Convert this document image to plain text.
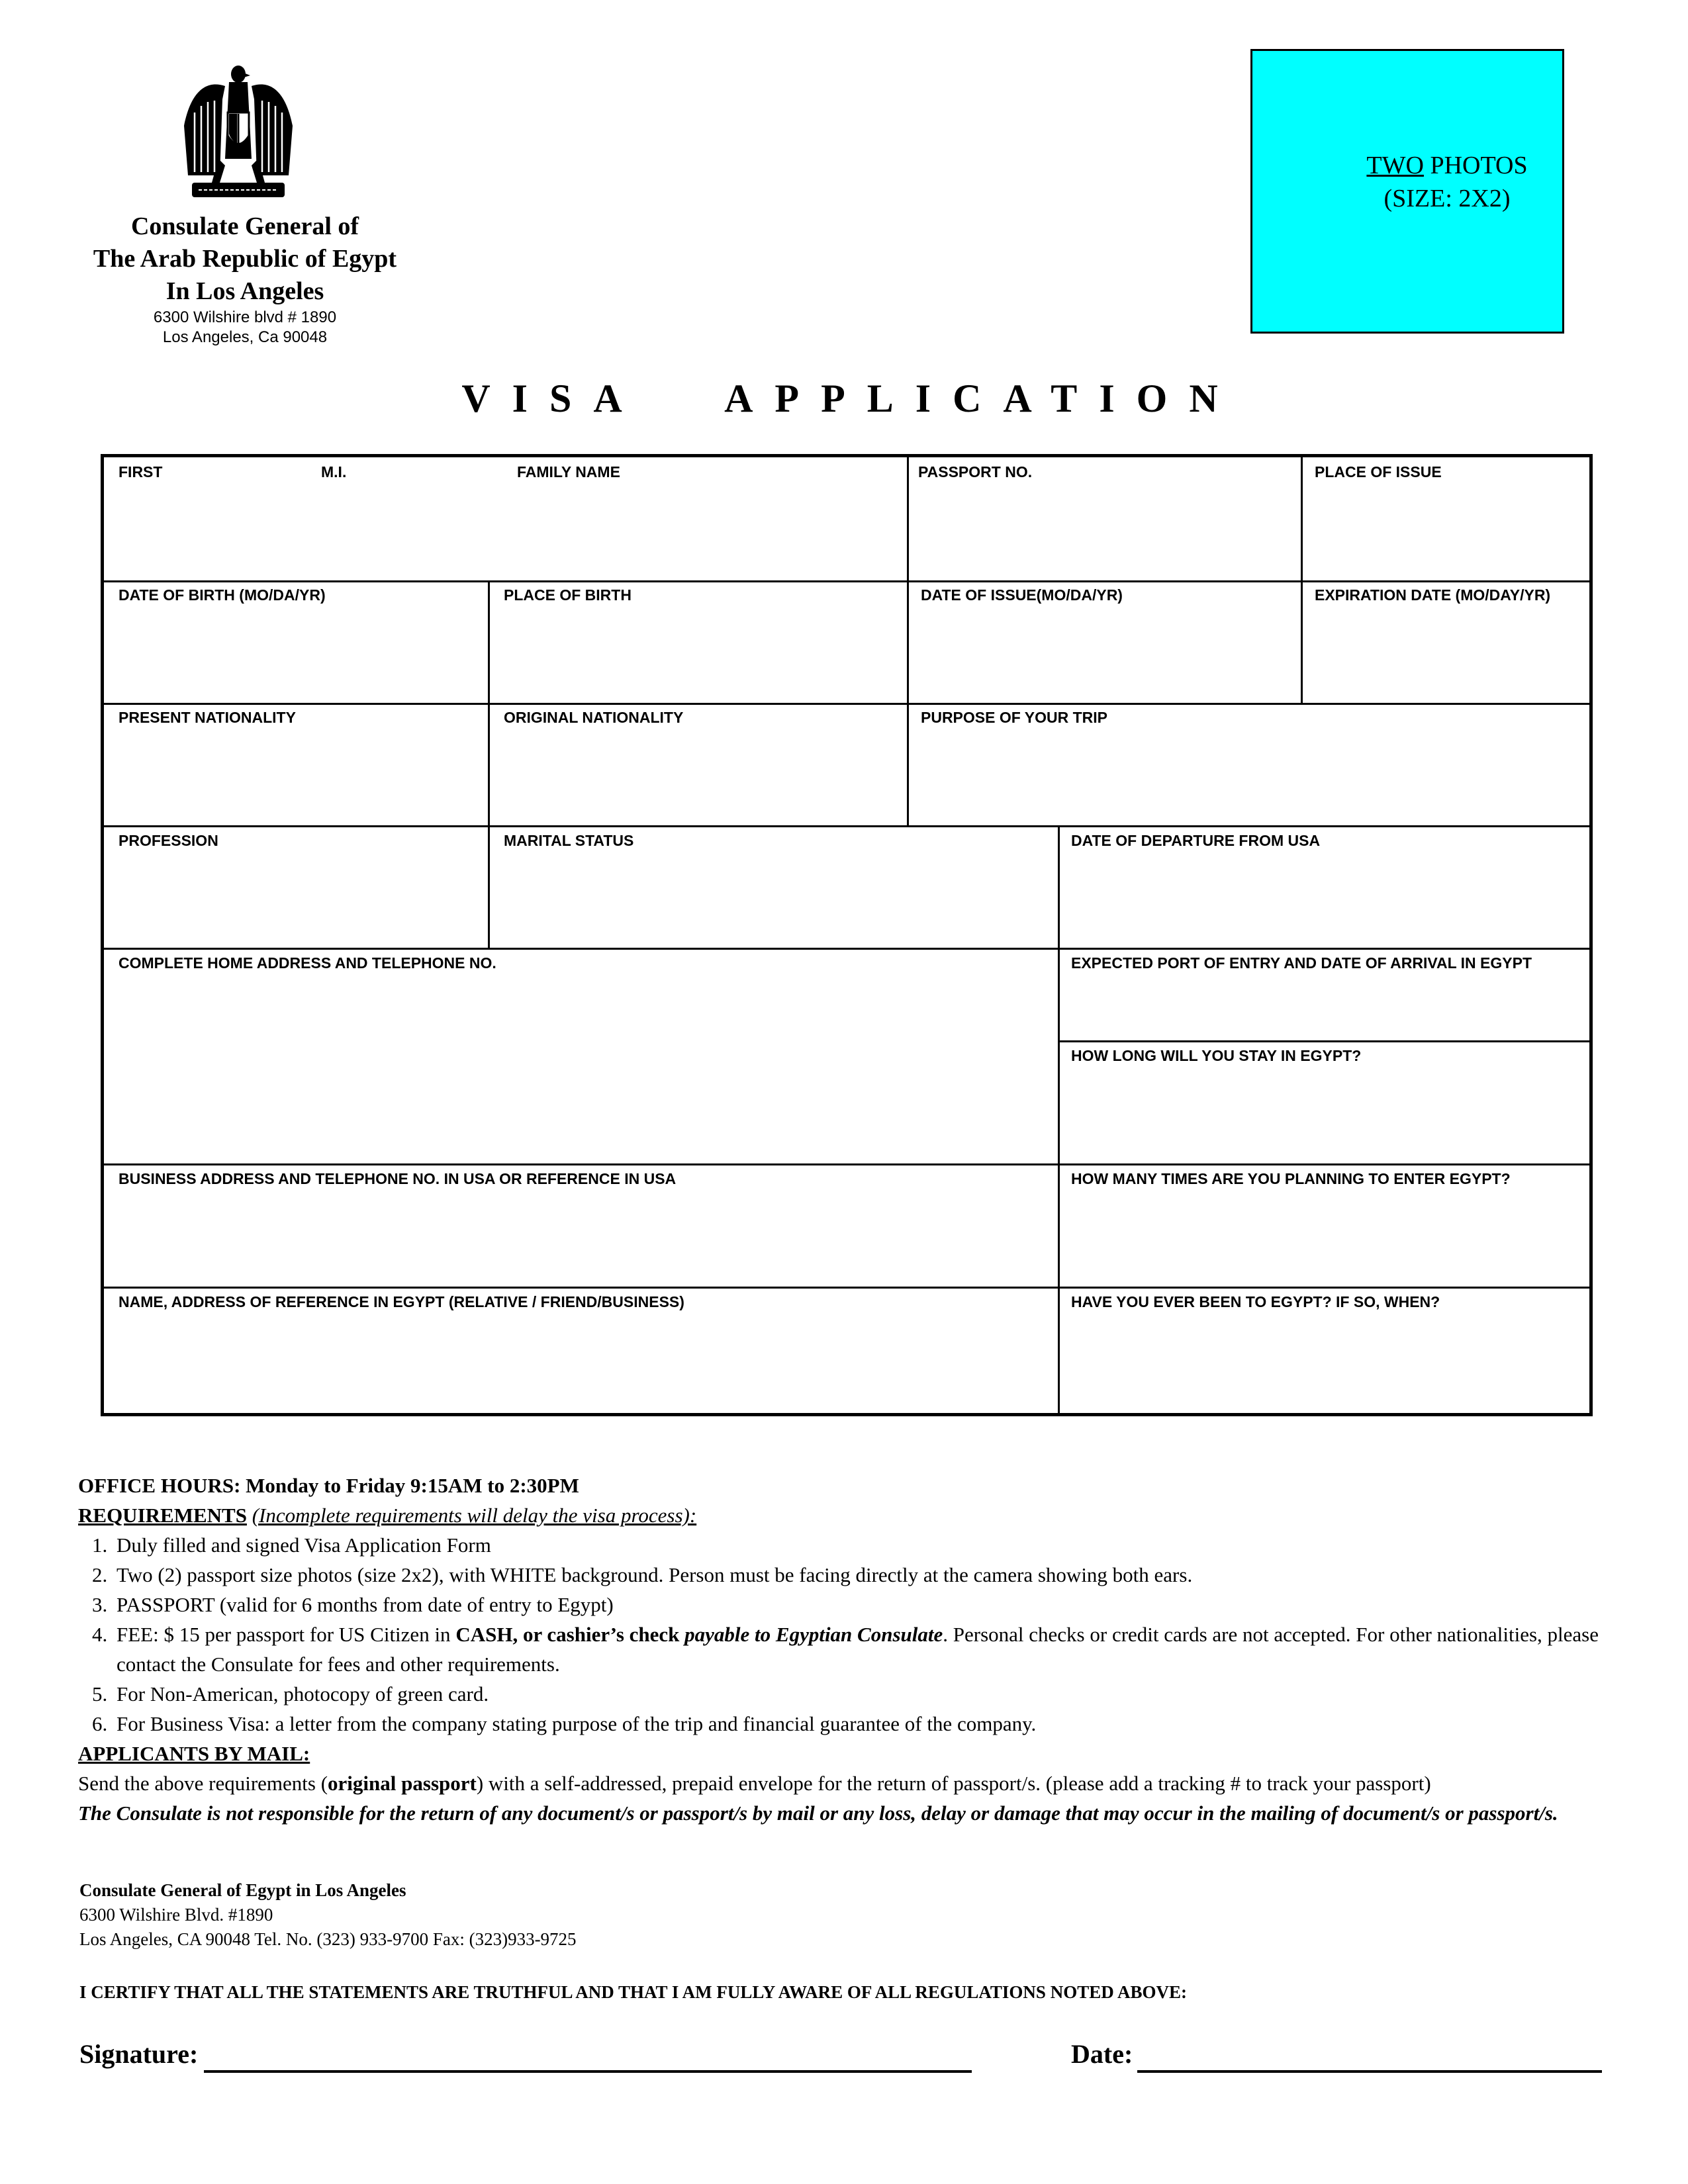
Consulate General of
The Arab Republic of Egypt
In Los Angeles
6300 Wilshire blvd # 1890
Los Angeles, Ca 90048
TWO PHOTOS
(SIZE: 2X2)
VISA APPLICATION
FIRST	M.I.	FAMILY NAME	PASSPORT NO.	PLACE OF ISSUE
DATE OF BIRTH (MO/DA/YR)	PLACE OF BIRTH	DATE OF ISSUE(MO/DA/YR)	EXPIRATION DATE (MO/DAY/YR)
PRESENT NATIONALITY	ORIGINAL NATIONALITY	PURPOSE OF YOUR TRIP
PROFESSION	MARITAL STATUS	DATE OF DEPARTURE FROM USA
COMPLETE HOME ADDRESS AND TELEPHONE NO.	EXPECTED PORT OF ENTRY AND DATE OF ARRIVAL IN EGYPT
HOW LONG WILL YOU STAY IN EGYPT?
BUSINESS ADDRESS AND TELEPHONE NO. IN USA OR REFERENCE IN USA	HOW MANY TIMES ARE YOU PLANNING TO ENTER EGYPT?
NAME, ADDRESS OF REFERENCE IN EGYPT (RELATIVE / FRIEND/BUSINESS)	HAVE YOU EVER BEEN TO EGYPT? IF SO, WHEN?
OFFICE HOURS: Monday to Friday 9:15AM to 2:30PM
REQUIREMENTS (Incomplete requirements will delay the visa process):
1. Duly filled and signed Visa Application Form
2. Two (2) passport size photos (size 2x2), with WHITE background. Person must be facing directly at the camera showing both ears.
3. PASSPORT (valid for 6 months from date of entry to Egypt)
4. FEE: $ 15 per passport for US Citizen in CASH, or cashier’s check payable to Egyptian Consulate. Personal checks or credit cards are not accepted. For other nationalities, please contact the Consulate for fees and other requirements.
5. For Non-American, photocopy of green card.
6. For Business Visa: a letter from the company stating purpose of the trip and financial guarantee of the company.
APPLICANTS BY MAIL:
Send the above requirements (original passport) with a self-addressed, prepaid envelope for the return of passport/s. (please add a tracking # to track your passport)
The Consulate is not responsible for the return of any document/s or passport/s by mail or any loss, delay or damage that may occur in the mailing of document/s or passport/s.
Consulate General of Egypt in Los Angeles
6300 Wilshire Blvd. #1890
Los Angeles, CA 90048 Tel. No. (323) 933-9700 Fax: (323)933-9725
I CERTIFY THAT ALL THE STATEMENTS ARE TRUTHFUL AND THAT I AM FULLY AWARE OF ALL REGULATIONS NOTED ABOVE:
Signature:	Date:
